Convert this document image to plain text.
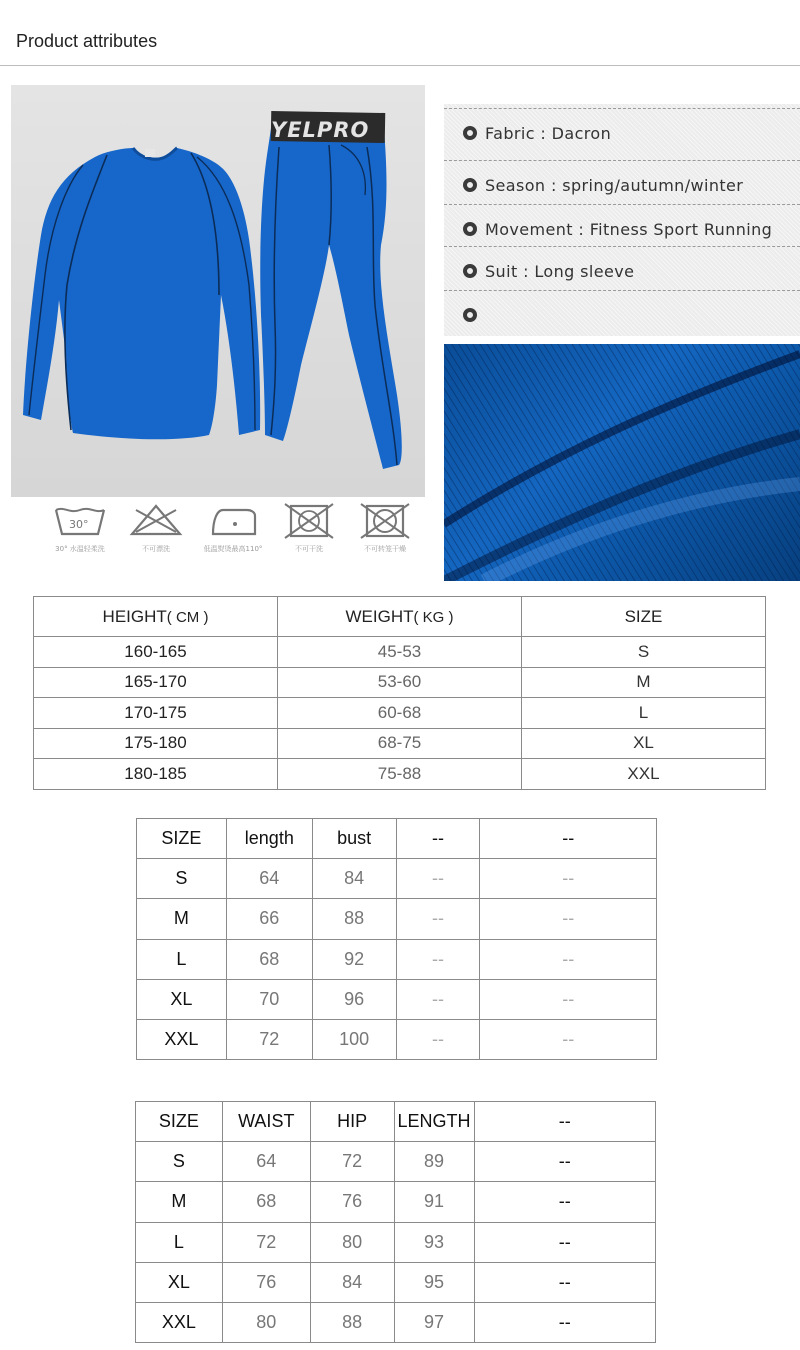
Product attributes
YELPRO
30°
30° 水温轻柔洗	不可漂洗	低温熨烫最高110°	不可干洗	不可转笼干燥
Fabric : Dacron
Season : spring/autumn/winter
Movement : Fitness Sport Running
Suit : Long sleeve
HEIGHT( CM )	WEIGHT( KG )	SIZE
160-165	45-53	S
165-170	53-60	M
170-175	60-68	L
175-180	68-75	XL
180-185	75-88	XXL
SIZE	length	bust	--	--
S	64	84	--	--
M	66	88	--	--
L	68	92	--	--
XL	70	96	--	--
XXL	72	100	--	--
SIZE	WAIST	HIP	LENGTH	--
S	64	72	89	--
M	68	76	91	--
L	72	80	93	--
XL	76	84	95	--
XXL	80	88	97	--
